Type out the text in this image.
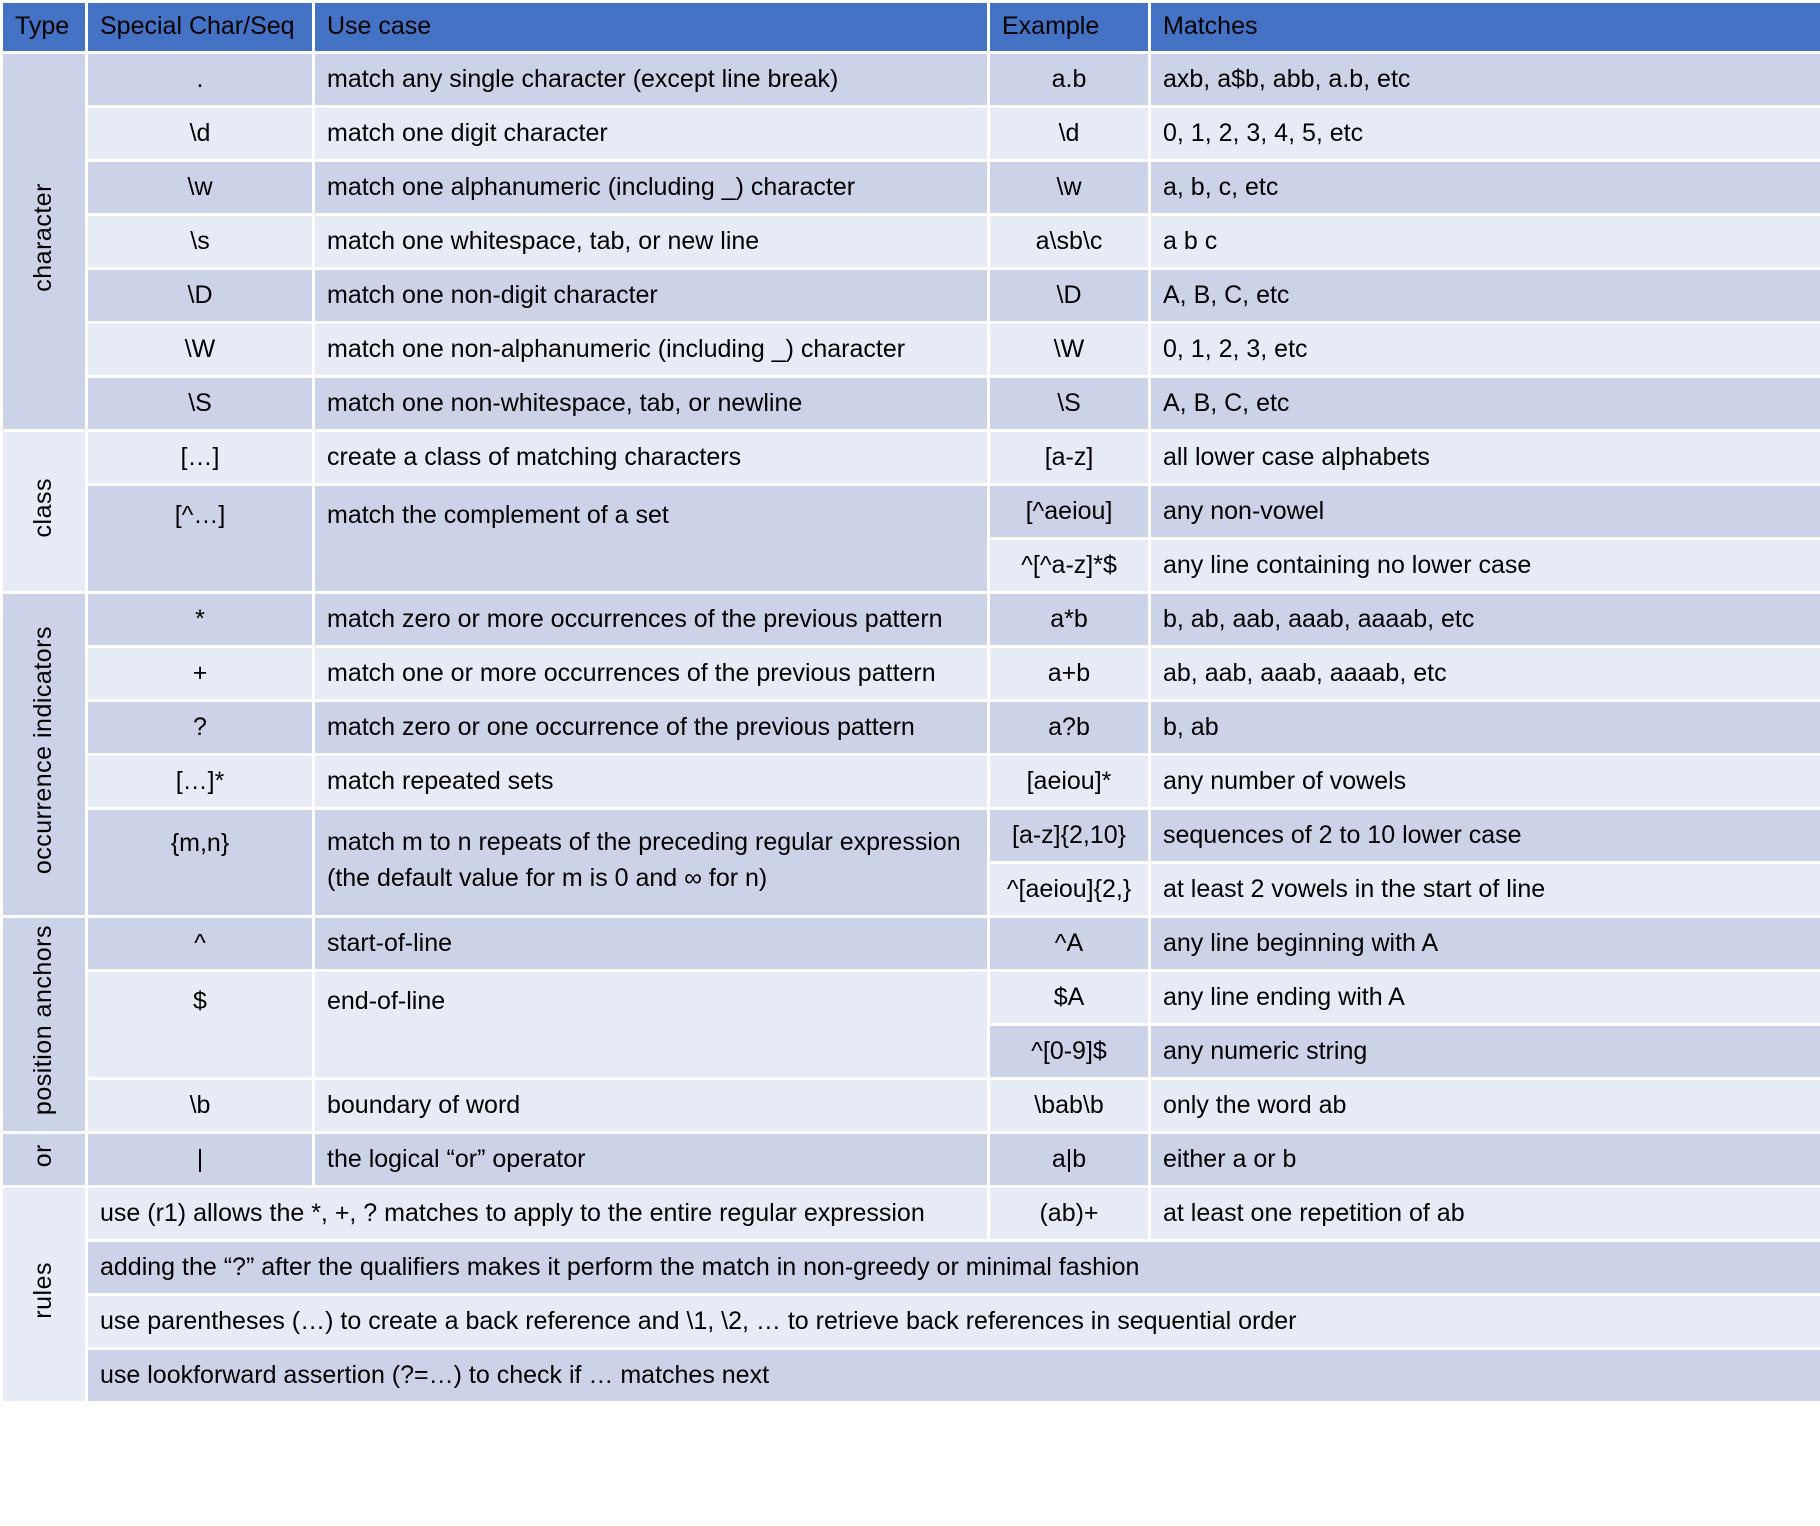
Type	Special Char/Seq	Use case	Example	Matches
character	.	match any single character (except line break)	a.b	axb, a$b, abb, a.b, etc
	\d	match one digit character	\d	0, 1, 2, 3, 4, 5, etc
	\w	match one alphanumeric (including _) character	\w	a, b, c, etc
	\s	match one whitespace, tab, or new line	a\sb\c	a b c
	\D	match one non-digit character	\D	A, B, C, etc
	\W	match one non-alphanumeric (including _) character	\W	0, 1, 2, 3, etc
	\S	match one non-whitespace, tab, or newline	\S	A, B, C, etc
class	[…]	create a class of matching characters	[a-z]	all lower case alphabets
	[^…]	match the complement of a set	[^aeiou]	any non-vowel
			^[^a-z]*$	any line containing no lower case
occurrence indicators	*	match zero or more occurrences of the previous pattern	a*b	b, ab, aab, aaab, aaaab, etc
	+	match one or more occurrences of the previous pattern	a+b	ab, aab, aaab, aaaab, etc
	?	match zero or one occurrence of the previous pattern	a?b	b, ab
	[…]*	match repeated sets	[aeiou]*	any number of vowels
	{m,n}	match m to n repeats of the preceding regular expression (the default value for m is 0 and ∞ for n)	[a-z]{2,10}	sequences of 2 to 10 lower case
			^[aeiou]{2,}	at least 2 vowels in the start of line
position anchors	^	start-of-line	^A	any line beginning with A
	$	end-of-line	$A	any line ending with A
			^[0-9]$	any numeric string
	\b	boundary of word	\bab\b	only the word ab
or	|	the logical “or” operator	a|b	either a or b
rules	use (r1) allows the *, +, ? matches to apply to the entire regular expression		(ab)+	at least one repetition of ab
	adding the “?” after the qualifiers makes it perform the match in non-greedy or minimal fashion			
	use parentheses (…) to create a back reference and \1, \2, … to retrieve back references in sequential order			
	use lookforward assertion (?=…) to check if … matches next			
